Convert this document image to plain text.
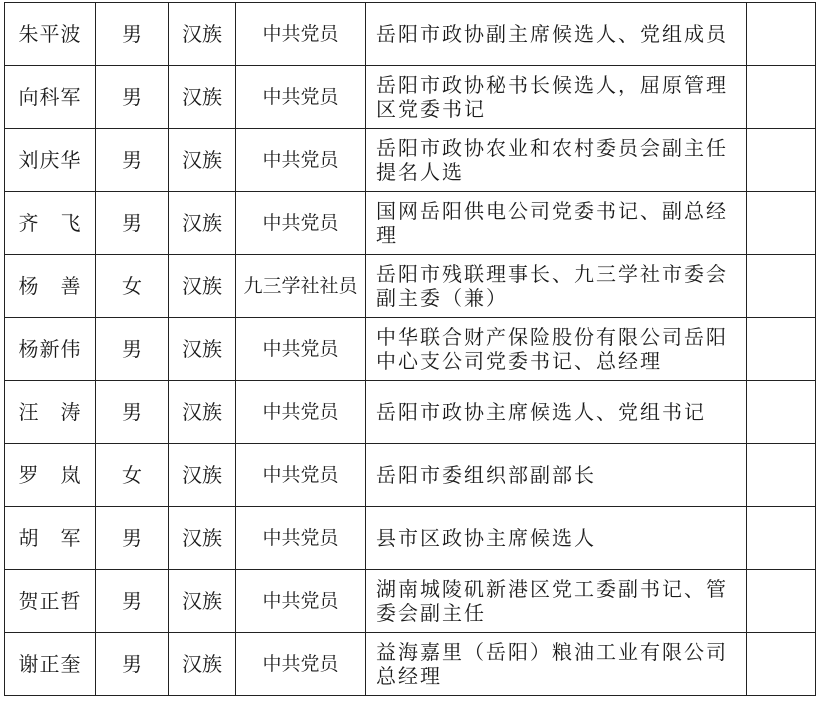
朱平波	男	汉族	中共党员	岳阳市政协副主席候选人、党组成员	
向科军	男	汉族	中共党员	岳阳市政协秘书长候选人，屈原管理区党委书记	
刘庆华	男	汉族	中共党员	岳阳市政协农业和农村委员会副主任提名人选	
齐　飞	男	汉族	中共党员	国网岳阳供电公司党委书记、副总经理	
杨　善	女	汉族	九三学社社员	岳阳市残联理事长、九三学社市委会副主委（兼）	
杨新伟	男	汉族	中共党员	中华联合财产保险股份有限公司岳阳中心支公司党委书记、总经理	
汪　涛	男	汉族	中共党员	岳阳市政协主席候选人、党组书记	
罗　岚	女	汉族	中共党员	岳阳市委组织部副部长	
胡　军	男	汉族	中共党员	县市区政协主席候选人	
贺正哲	男	汉族	中共党员	湖南城陵矶新港区党工委副书记、管委会副主任	
谢正奎	男	汉族	中共党员	益海嘉里（岳阳）粮油工业有限公司总经理	
